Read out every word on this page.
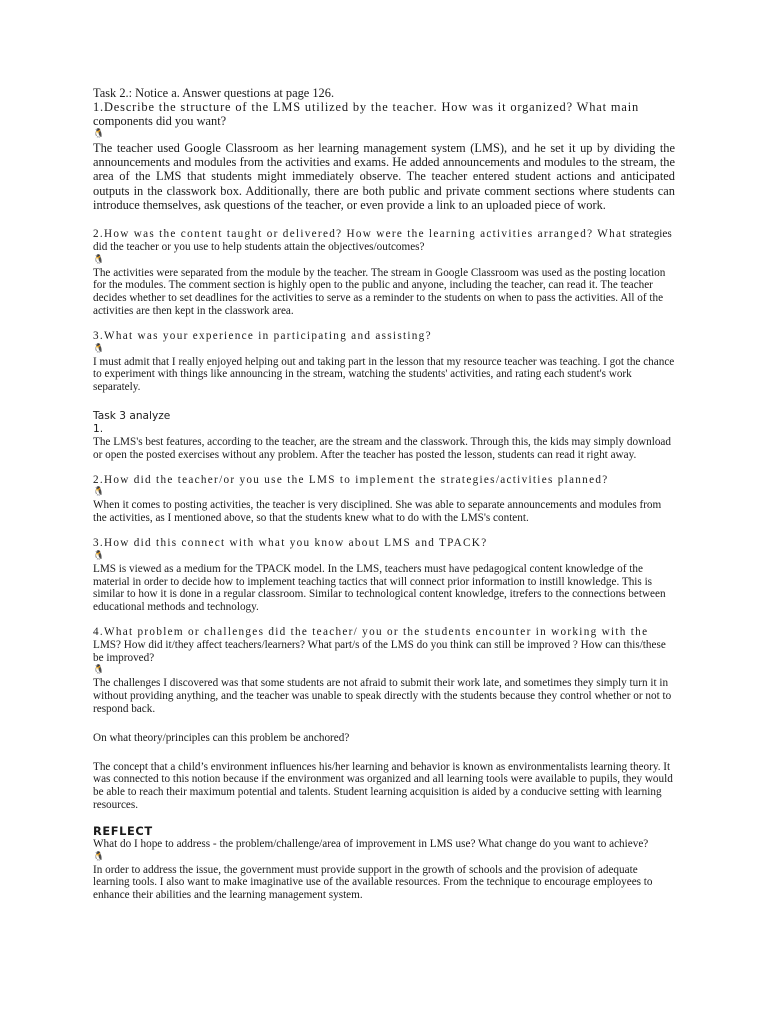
Task 2.: Notice a. Answer questions at page 126.

1.Describe the structure of the LMS utilized by the teacher. How was it organized? What main
components did you want?

🐧

The teacher used Google Classroom as her learning management system (LMS), and he set it up by dividing the announcements and modules from the activities and exams. He added announcements and modules to the stream, the area of the LMS that students might immediately observe. The teacher entered student actions and anticipated outputs in the classwork box. Additionally, there are both public and private comment sections where students can introduce themselves, ask questions of the teacher, or even provide a link to an uploaded piece of work.

2.How was the content taught or delivered? How were the learning activities arranged? What strategies did the teacher or you use to help students attain the objectives/outcomes?

🐧

The activities were separated from the module by the teacher. The stream in Google Classroom was used as the posting location for the modules. The comment section is highly open to the public and anyone, including the teacher, can read it. The teacher decides whether to set deadlines for the activities to serve as a reminder to the students on when to pass the activities. All of the activities are then kept in the classwork area.

3.What was your experience in participating and assisting?

🐧

I must admit that I really enjoyed helping out and taking part in the lesson that my resource teacher was teaching. I got the chance to experiment with things like announcing in the stream, watching the students' activities, and rating each student's work separately.

Task 3 analyze

1.

The LMS's best features, according to the teacher, are the stream and the classwork. Through this, the kids may simply download or open the posted exercises without any problem. After the teacher has posted the lesson, students can read it right away.

2.How did the teacher/or you use the LMS to implement the strategies/activities planned?

🐧

When it comes to posting activities, the teacher is very disciplined. She was able to separate announcements and modules from the activities, as I mentioned above, so that the students knew what to do with the LMS's content.

3.How did this connect with what you know about LMS and TPACK?

🐧

LMS is viewed as a medium for the TPACK model. In the LMS, teachers must have pedagogical content knowledge of the material in order to decide how to implement teaching tactics that will connect prior information to instill knowledge. This is similar to how it is done in a regular classroom. Similar to technological content knowledge, itrefers to the connections between educational methods and technology.

4.What problem or challenges did the teacher/ you or the students encounter in working with the LMS? How did it/they affect teachers/learners? What part/s of the LMS do you think can still be improved ? How can this/these be improved?

🐧

The challenges I discovered was that some students are not afraid to submit their work late, and sometimes they simply turn it in without providing anything, and the teacher was unable to speak directly with the students because they control whether or not to respond back.

On what theory/principles can this problem be anchored?

The concept that a child’s environment influences his/her learning and behavior is known as environmentalists learning theory. It was connected to this notion because if the environment was organized and all learning tools were available to pupils, they would be able to reach their maximum potential and talents. Student learning acquisition is aided by a conducive setting with learning resources.

REFLECT

What do I hope to address - the problem/challenge/area of improvement in LMS use? What change do you want to achieve?

🐧

In order to address the issue, the government must provide support in the growth of schools and the provision of adequate learning tools. I also want to make imaginative use of the available resources. From the technique to encourage employees to enhance their abilities and the learning management system.
